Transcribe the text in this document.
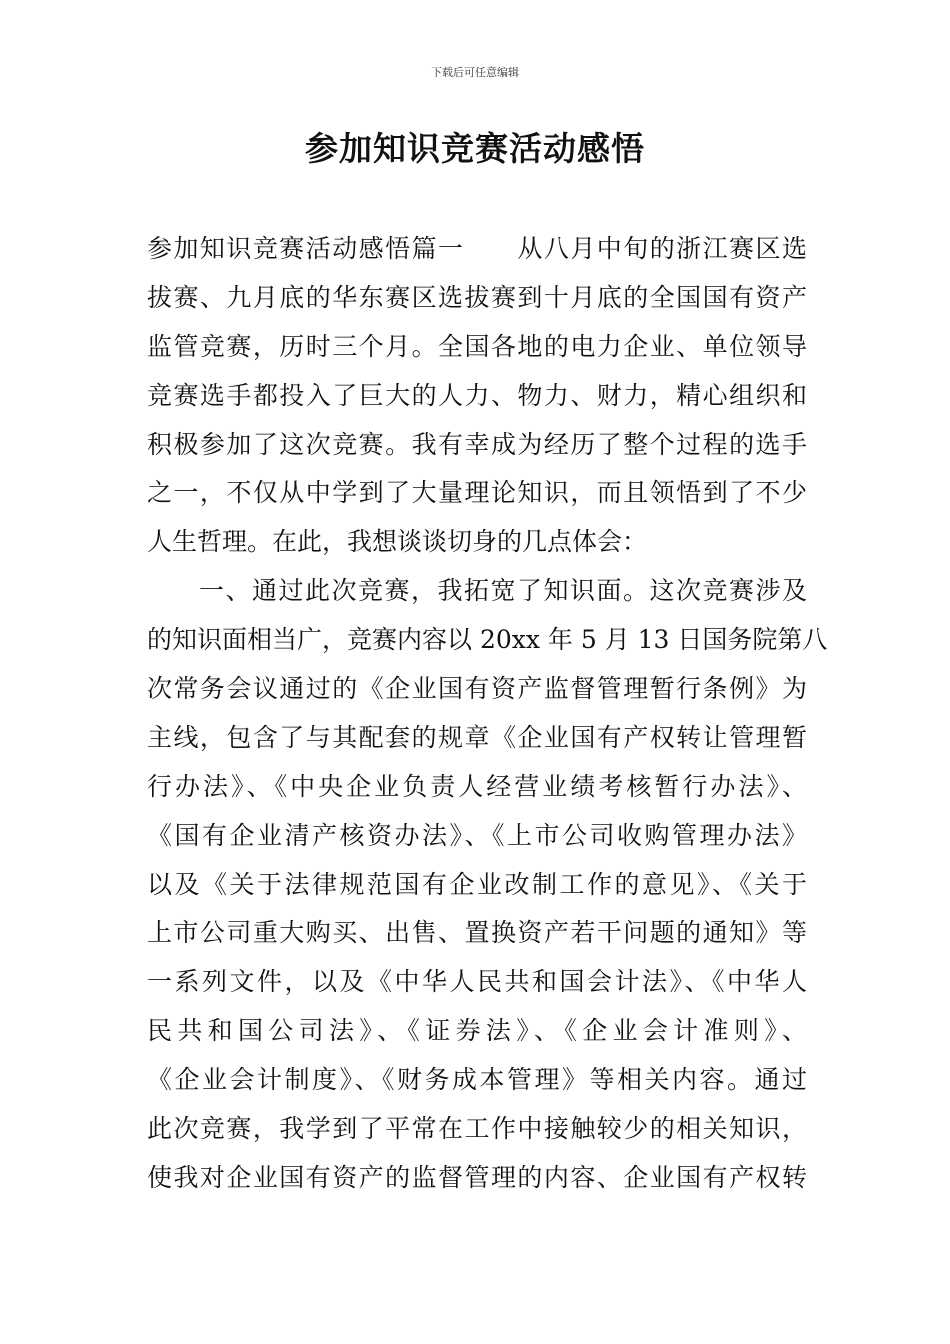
下载后可任意编辑
参加知识竞赛活动感悟
参加知识竞赛活动感悟篇一　　从八月中旬的浙江赛区选
拔赛、九月底的华东赛区选拔赛到十月底的全国国有资产
监管竞赛，历时三个月。全国各地的电力企业、单位领导
竞赛选手都投入了巨大的人力、物力、财力，精心组织和
积极参加了这次竞赛。我有幸成为经历了整个过程的选手
之一，不仅从中学到了大量理论知识，而且领悟到了不少
人生哲理。在此，我想谈谈切身的几点体会：
一、通过此次竞赛，我拓宽了知识面。这次竞赛涉及
的知识面相当广，竞赛内容以 20xx 年 5 月 13 日国务院第八
次常务会议通过的《企业国有资产监督管理暂行条例》为
主线，包含了与其配套的规章《企业国有产权转让管理暂
行办法》、《中央企业负责人经营业绩考核暂行办法》、
《国有企业清产核资办法》、《上市公司收购管理办法》
以及《关于法律规范国有企业改制工作的意见》、《关于
上市公司重大购买、出售、置换资产若干问题的通知》等
一系列文件，以及《中华人民共和国会计法》、《中华人
民共和国公司法》、《证券法》、《企业会计准则》、
《企业会计制度》、《财务成本管理》等相关内容。通过
此次竞赛，我学到了平常在工作中接触较少的相关知识，
使我对企业国有资产的监督管理的内容、企业国有产权转
